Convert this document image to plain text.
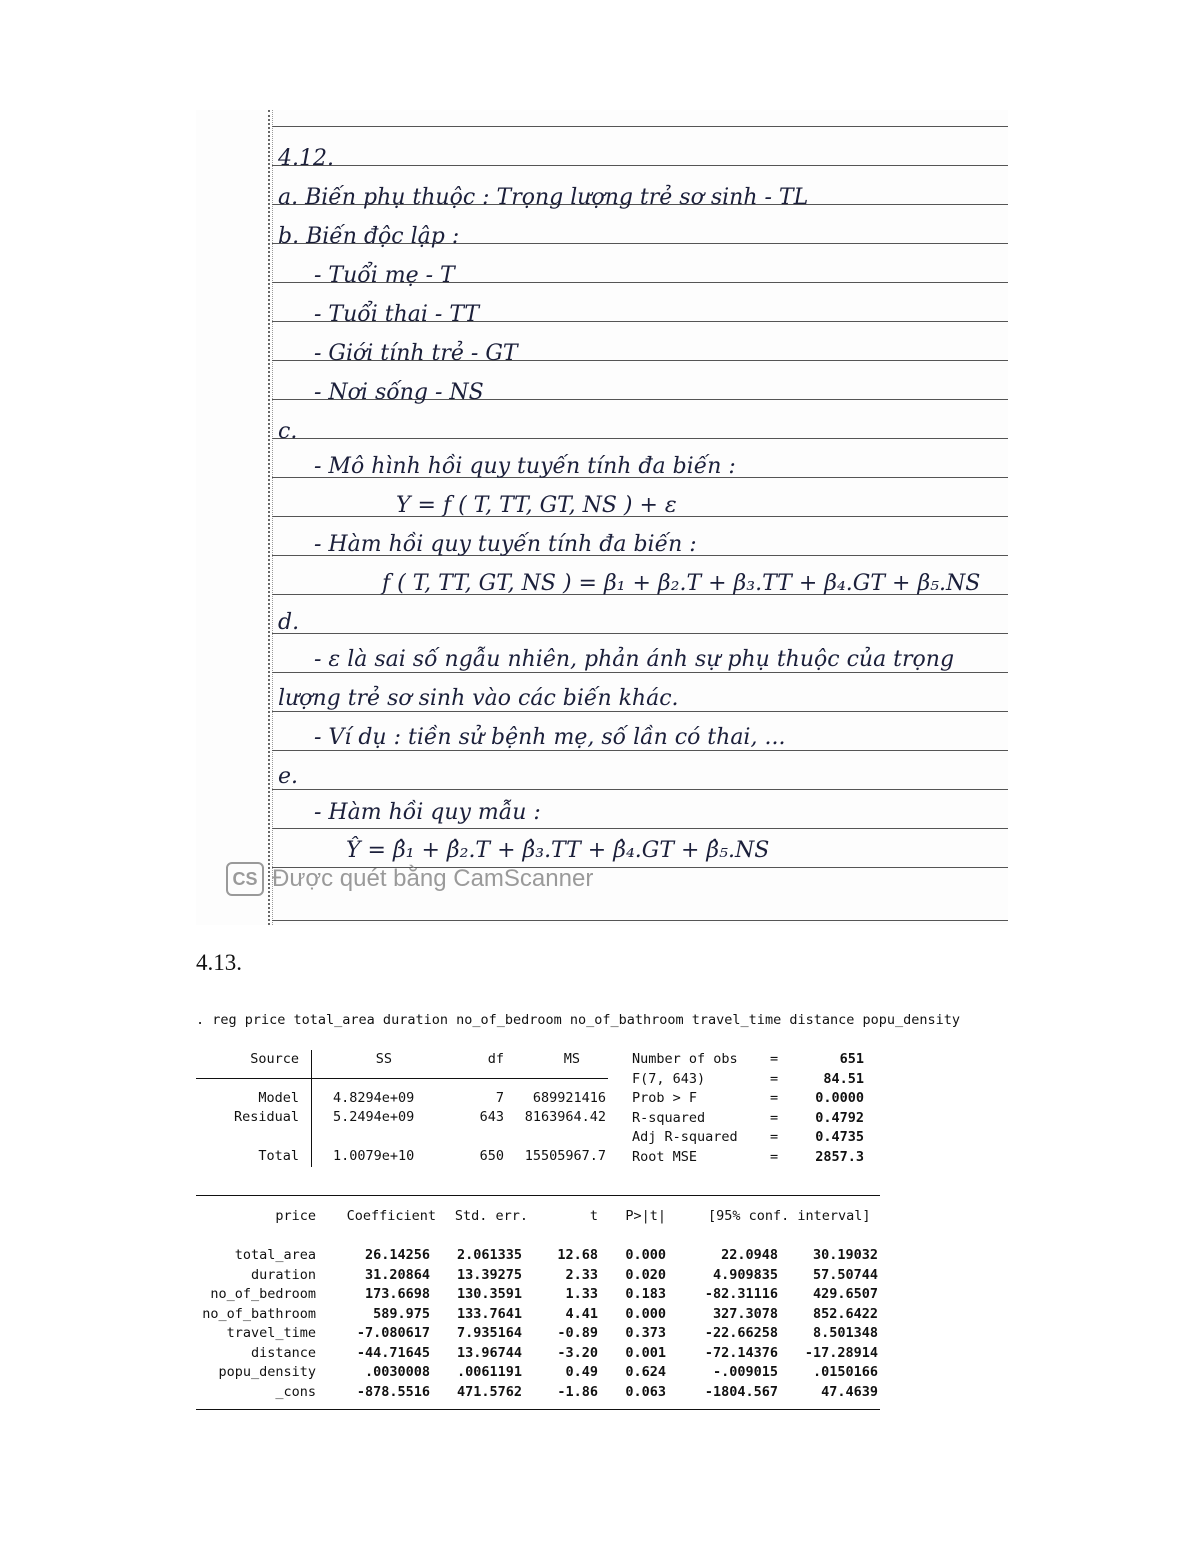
4.12.
a. Biến phụ thuộc : Trọng lượng trẻ sơ sinh - TL
b. Biến độc lập :
- Tuổi mẹ - T
- Tuổi thai - TT
- Giới tính trẻ - GT
- Nơi sống - NS
c.
- Mô hình hồi quy tuyến tính đa biến :
Y = f ( T, TT, GT, NS ) + ε
- Hàm hồi quy tuyến tính đa biến :
f ( T, TT, GT, NS ) = β₁ + β₂.T + β₃.TT + β₄.GT + β₅.NS
d.
- ε là sai số ngẫu nhiên, phản ánh sự phụ thuộc của trọng
lượng trẻ sơ sinh vào các biến khác.
- Ví dụ : tiền sử bệnh mẹ, số lần có thai, ...
e.
- Hàm hồi quy mẫu :
Ŷ = β̂₁ + β̂₂.T + β̂₃.TT + β̂₄.GT + β̂₅.NS
CS Được quét bằng CamScanner
4.13.
. reg price total_area duration no_of_bedroom no_of_bathroom travel_time distance popu_density
Source	SS	df	MS
Model	4.8294e+09	7	689921416
Residual	5.2494e+09	643	8163964.42
Total	1.0079e+10	650	15505967.7
Number of obs =	651
F(7, 643)	=	84.51
Prob > F	=	0.0000
R-squared	=	0.4792
Adj R-squared =	0.4735
Root MSE	=	2857.3
price	Coefficient	Std. err.	t	P>|t|	[95% conf. interval]
total_area	26.14256	2.061335	12.68	0.000	22.0948	30.19032
duration	31.20864	13.39275	2.33	0.020	4.909835	57.50744
no_of_bedroom	173.6698	130.3591	1.33	0.183	-82.31116	429.6507
no_of_bathroom	589.975	133.7641	4.41	0.000	327.3078	852.6422
travel_time	-7.080617	7.935164	-0.89	0.373	-22.66258	8.501348
distance	-44.71645	13.96744	-3.20	0.001	-72.14376	-17.28914
popu_density	.0030008	.0061191	0.49	0.624	-.009015	.0150166
_cons	-878.5516	471.5762	-1.86	0.063	-1804.567	47.4639
